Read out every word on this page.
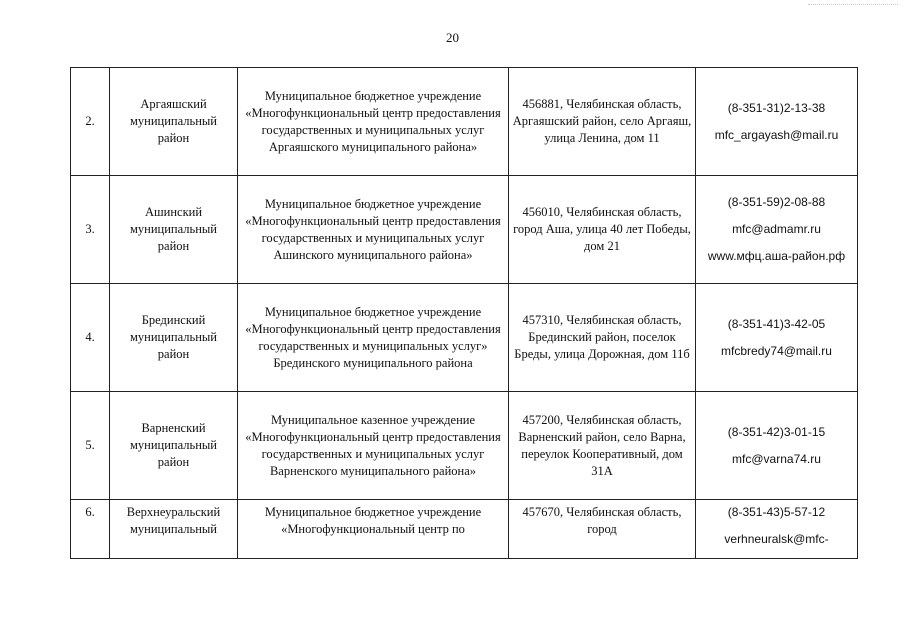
20
2.	Аргаяшский муниципальный район	Муниципальное бюджетное учреждение «Многофункциональный центр предоставления государственных и муниципальных услуг Аргаяшского муниципального района»	456881, Челябинская область, Аргаяшский район, село Аргаяш, улица Ленина, дом 11	(8-351-31)2-13-38
mfc_argayash@mail.ru

3.	Ашинский муниципальный район	Муниципальное бюджетное учреждение «Многофункциональный центр предоставления государственных и муниципальных услуг Ашинского муниципального района»	456010, Челябинская область, город Аша, улица 40 лет Победы, дом 21	(8-351-59)2-08-88
mfc@admamr.ru
www.мфц.аша-район.рф

4.	Брединский муниципальный район	Муниципальное бюджетное учреждение «Многофункциональный центр предоставления государственных и муниципальных услуг» Брединского муниципального района	457310, Челябинская область, Брединский район, поселок Бреды, улица Дорожная, дом 11б	(8-351-41)3-42-05
mfcbredy74@mail.ru

5.	Варненский муниципальный район	Муниципальное казенное учреждение «Многофункциональный центр предоставления государственных и муниципальных услуг Варненского муниципального района»	457200, Челябинская область, Варненский район, село Варна, переулок Кооперативный, дом 31А	(8-351-42)3-01-15
mfc@varna74.ru

6.	Верхнеуральский муниципальный	Муниципальное бюджетное учреждение «Многофункциональный центр по	457670, Челябинская область, город	(8-351-43)5-57-12
verhneuralsk@mfc-
